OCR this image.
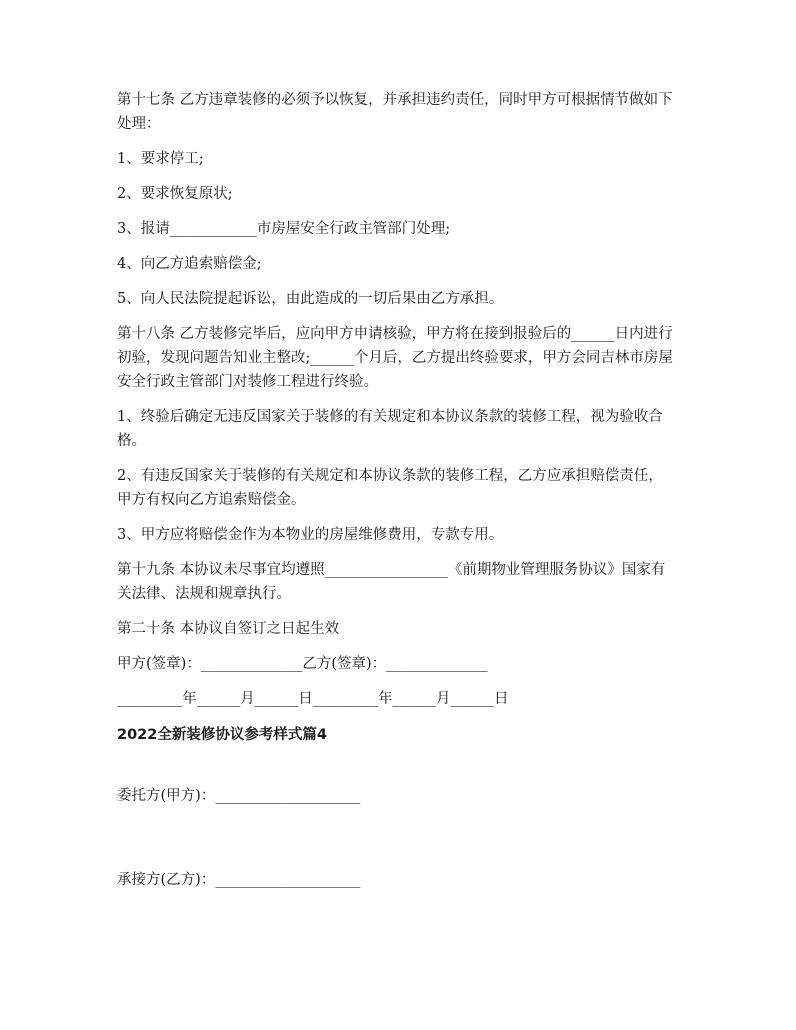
第十七条 乙方违章装修的必须予以恢复，并承担违约责任，同时甲方可根据情节做如下处理：

1、要求停工;

2、要求恢复原状;

3、报请____________市房屋安全行政主管部门处理;

4、向乙方追索赔偿金;

5、向人民法院提起诉讼，由此造成的一切后果由乙方承担。

第十八条 乙方装修完毕后，应向甲方申请核验，甲方将在接到报验后的______日内进行初验，发现问题告知业主整改;______个月后，乙方提出终验要求，甲方会同吉林市房屋安全行政主管部门对装修工程进行终验。

1、终验后确定无违反国家关于装修的有关规定和本协议条款的装修工程，视为验收合格。

2、有违反国家关于装修的有关规定和本协议条款的装修工程，乙方应承担赔偿责任，甲方有权向乙方追索赔偿金。

3、甲方应将赔偿金作为本物业的房屋维修费用，专款专用。

第十九条 本协议未尽事宜均遵照_________________《前期物业管理服务协议》国家有关法律、法规和规章执行。

第二十条 本协议自签订之日起生效

甲方(签章)：______________乙方(签章)：______________

_________年______月______日_________年______月______日

2022全新装修协议参考样式篇4

委托方(甲方)：____________________

承接方(乙方)：____________________
